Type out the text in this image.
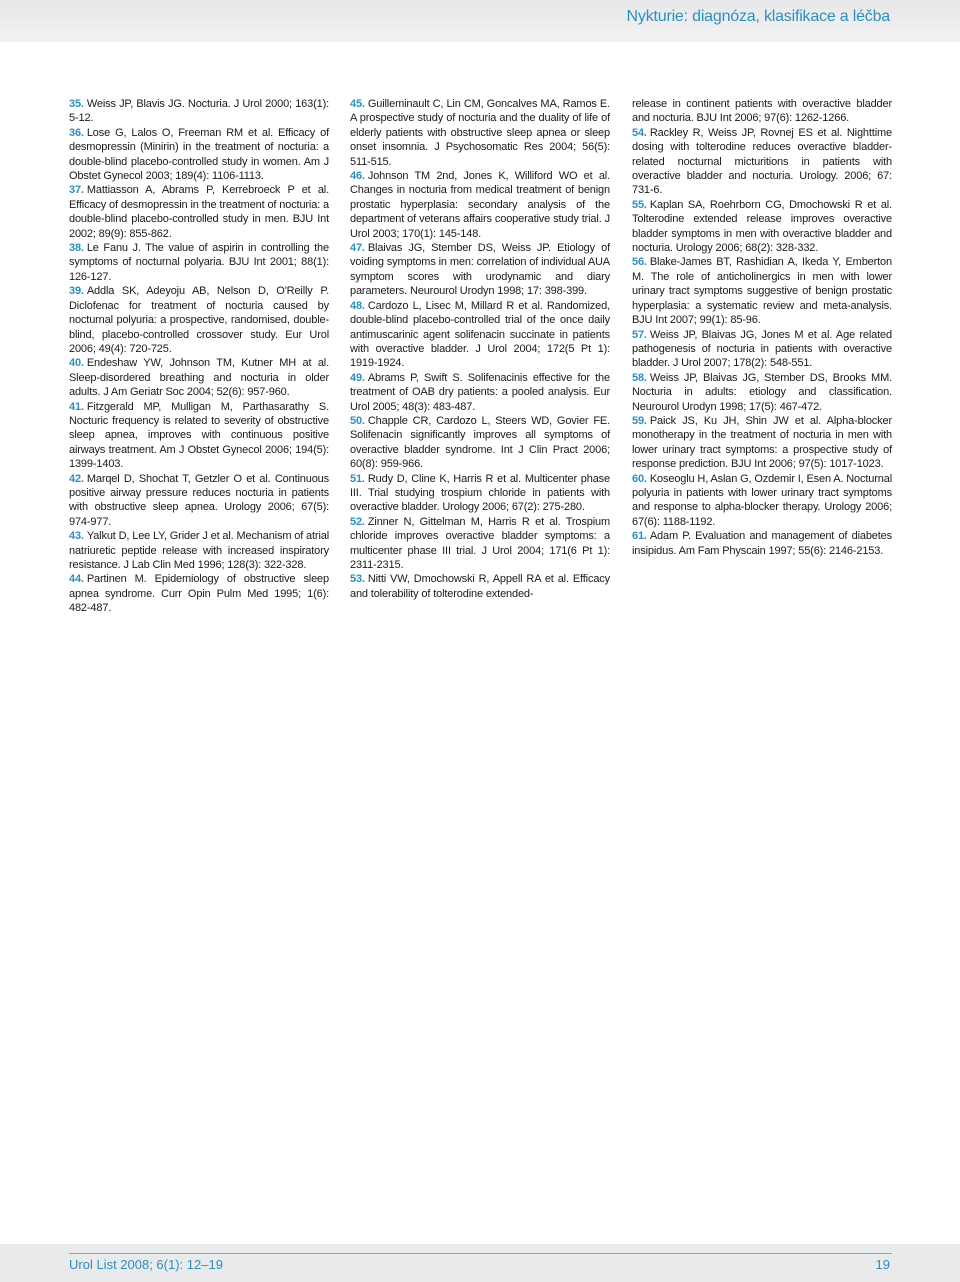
Nykturie: diagnóza, klasifikace a léčba

35. Weiss JP, Blavis JG. Nocturia. J Urol 2000; 163(1): 5-12.

36. Lose G, Lalos O, Freeman RM et al. Efficacy of desmopressin (Minirin) in the treatment of nocturia: a double-blind placebo-controlled study in women. Am J Obstet Gynecol 2003; 189(4): 1106-1113.

37. Mattiasson A, Abrams P, Kerrebroeck P et al. Efficacy of desmopressin in the treatment of nocturia: a double-blind placebo-controlled study in men. BJU Int 2002; 89(9): 855-862.

38. Le Fanu J. The value of aspirin in controlling the symptoms of nocturnal polyaria. BJU Int 2001; 88(1): 126-127.

39. Addla SK, Adeyoju AB, Nelson D, O'Reilly P. Diclofenac for treatment of nocturia caused by nocturnal polyuria: a prospective, randomised, double-blind, placebo-controlled crossover study. Eur Urol 2006; 49(4): 720-725.

40. Endeshaw YW, Johnson TM, Kutner MH at al. Sleep-disordered breathing and nocturia in older adults. J Am Geriatr Soc 2004; 52(6): 957-960.

41. Fitzgerald MP, Mulligan M, Parthasarathy S. Nocturic frequency is related to severity of obstructive sleep apnea, improves with continuous positive airways treatment. Am J Obstet Gynecol 2006; 194(5): 1399-1403.

42. Marqel D, Shochat T, Getzler O et al. Continuous positive airway pressure reduces nocturia in patients with obstructive sleep apnea. Urology 2006; 67(5): 974-977.

43. Yalkut D, Lee LY, Grider J et al. Mechanism of atrial natriuretic peptide release with increased inspiratory resistance. J Lab Clin Med 1996; 128(3): 322-328.

44. Partinen M. Epidemiology of obstructive sleep apnea syndrome. Curr Opin Pulm Med 1995; 1(6): 482-487.

45. Guilleminault C, Lin CM, Goncalves MA, Ramos E. A prospective study of nocturia and the duality of life of elderly patients with obstructive sleep apnea or sleep onset insomnia. J Psychosomatic Res 2004; 56(5): 511-515.

46. Johnson TM 2nd, Jones K, Williford WO et al. Changes in nocturia from medical treatment of benign prostatic hyperplasia: secondary analysis of the department of veterans affairs cooperative study trial. J Urol 2003; 170(1): 145-148.

47. Blaivas JG, Stember DS, Weiss JP. Etiology of voiding symptoms in men: correlation of individual AUA symptom scores with urodynamic and diary parameters. Neurourol Urodyn 1998; 17: 398-399.

48. Cardozo L, Lisec M, Millard R et al. Randomized, double-blind placebo-controlled trial of the once daily antimuscarinic agent solifenacin succinate in patients with overactive bladder. J Urol 2004; 172(5 Pt 1): 1919-1924.

49. Abrams P, Swift S. Solifenacinis effective for the treatment of OAB dry patients: a pooled analysis. Eur Urol 2005; 48(3): 483-487.

50. Chapple CR, Cardozo L, Steers WD, Govier FE. Solifenacin significantly improves all symptoms of overactive bladder syndrome. Int J Clin Pract 2006; 60(8): 959-966.

51. Rudy D, Cline K, Harris R et al. Multicenter phase III. Trial studying trospium chloride in patients with overactive bladder. Urology 2006; 67(2): 275-280.

52. Zinner N, Gittelman M, Harris R et al. Trospium chloride improves overactive bladder symptoms: a multicenter phase III trial. J Urol 2004; 171(6 Pt 1): 2311-2315.

53. Nitti VW, Dmochowski R, Appell RA et al. Efficacy and tolerability of tolterodine extended-

release in continent patients with overactive bladder and nocturia. BJU Int 2006; 97(6): 1262-1266.

54. Rackley R, Weiss JP, Rovnej ES et al. Nighttime dosing with tolterodine reduces overactive bladder-related nocturnal micturitions in patients with overactive bladder and nocturia. Urology. 2006; 67: 731-6.

55. Kaplan SA, Roehrborn CG, Dmochowski R et al. Tolterodine extended release improves overactive bladder symptoms in men with overactive bladder and nocturia. Urology 2006; 68(2): 328-332.

56. Blake-James BT, Rashidian A, Ikeda Y, Emberton M. The role of anticholinergics in men with lower urinary tract symptoms suggestive of benign prostatic hyperplasia: a systematic review and meta-analysis. BJU Int 2007; 99(1): 85-96.

57. Weiss JP, Blaivas JG, Jones M et al. Age related pathogenesis of nocturia in patients with overactive bladder. J Urol 2007; 178(2): 548-551.

58. Weiss JP, Blaivas JG, Stember DS, Brooks MM. Nocturia in adults: etiology and classification. Neurourol Urodyn 1998; 17(5): 467-472.

59. Paick JS, Ku JH, Shin JW et al. Alpha-blocker monotherapy in the treatment of nocturia in men with lower urinary tract symptoms: a prospective study of response prediction. BJU Int 2006; 97(5): 1017-1023.

60. Koseoglu H, Aslan G, Ozdemir I, Esen A. Nocturnal polyuria in patients with lower urinary tract symptoms and response to alpha-blocker therapy. Urology 2006; 67(6): 1188-1192.

61. Adam P. Evaluation and management of diabetes insipidus. Am Fam Physcain 1997; 55(6): 2146-2153.

Urol List 2008; 6(1): 12–19	19
